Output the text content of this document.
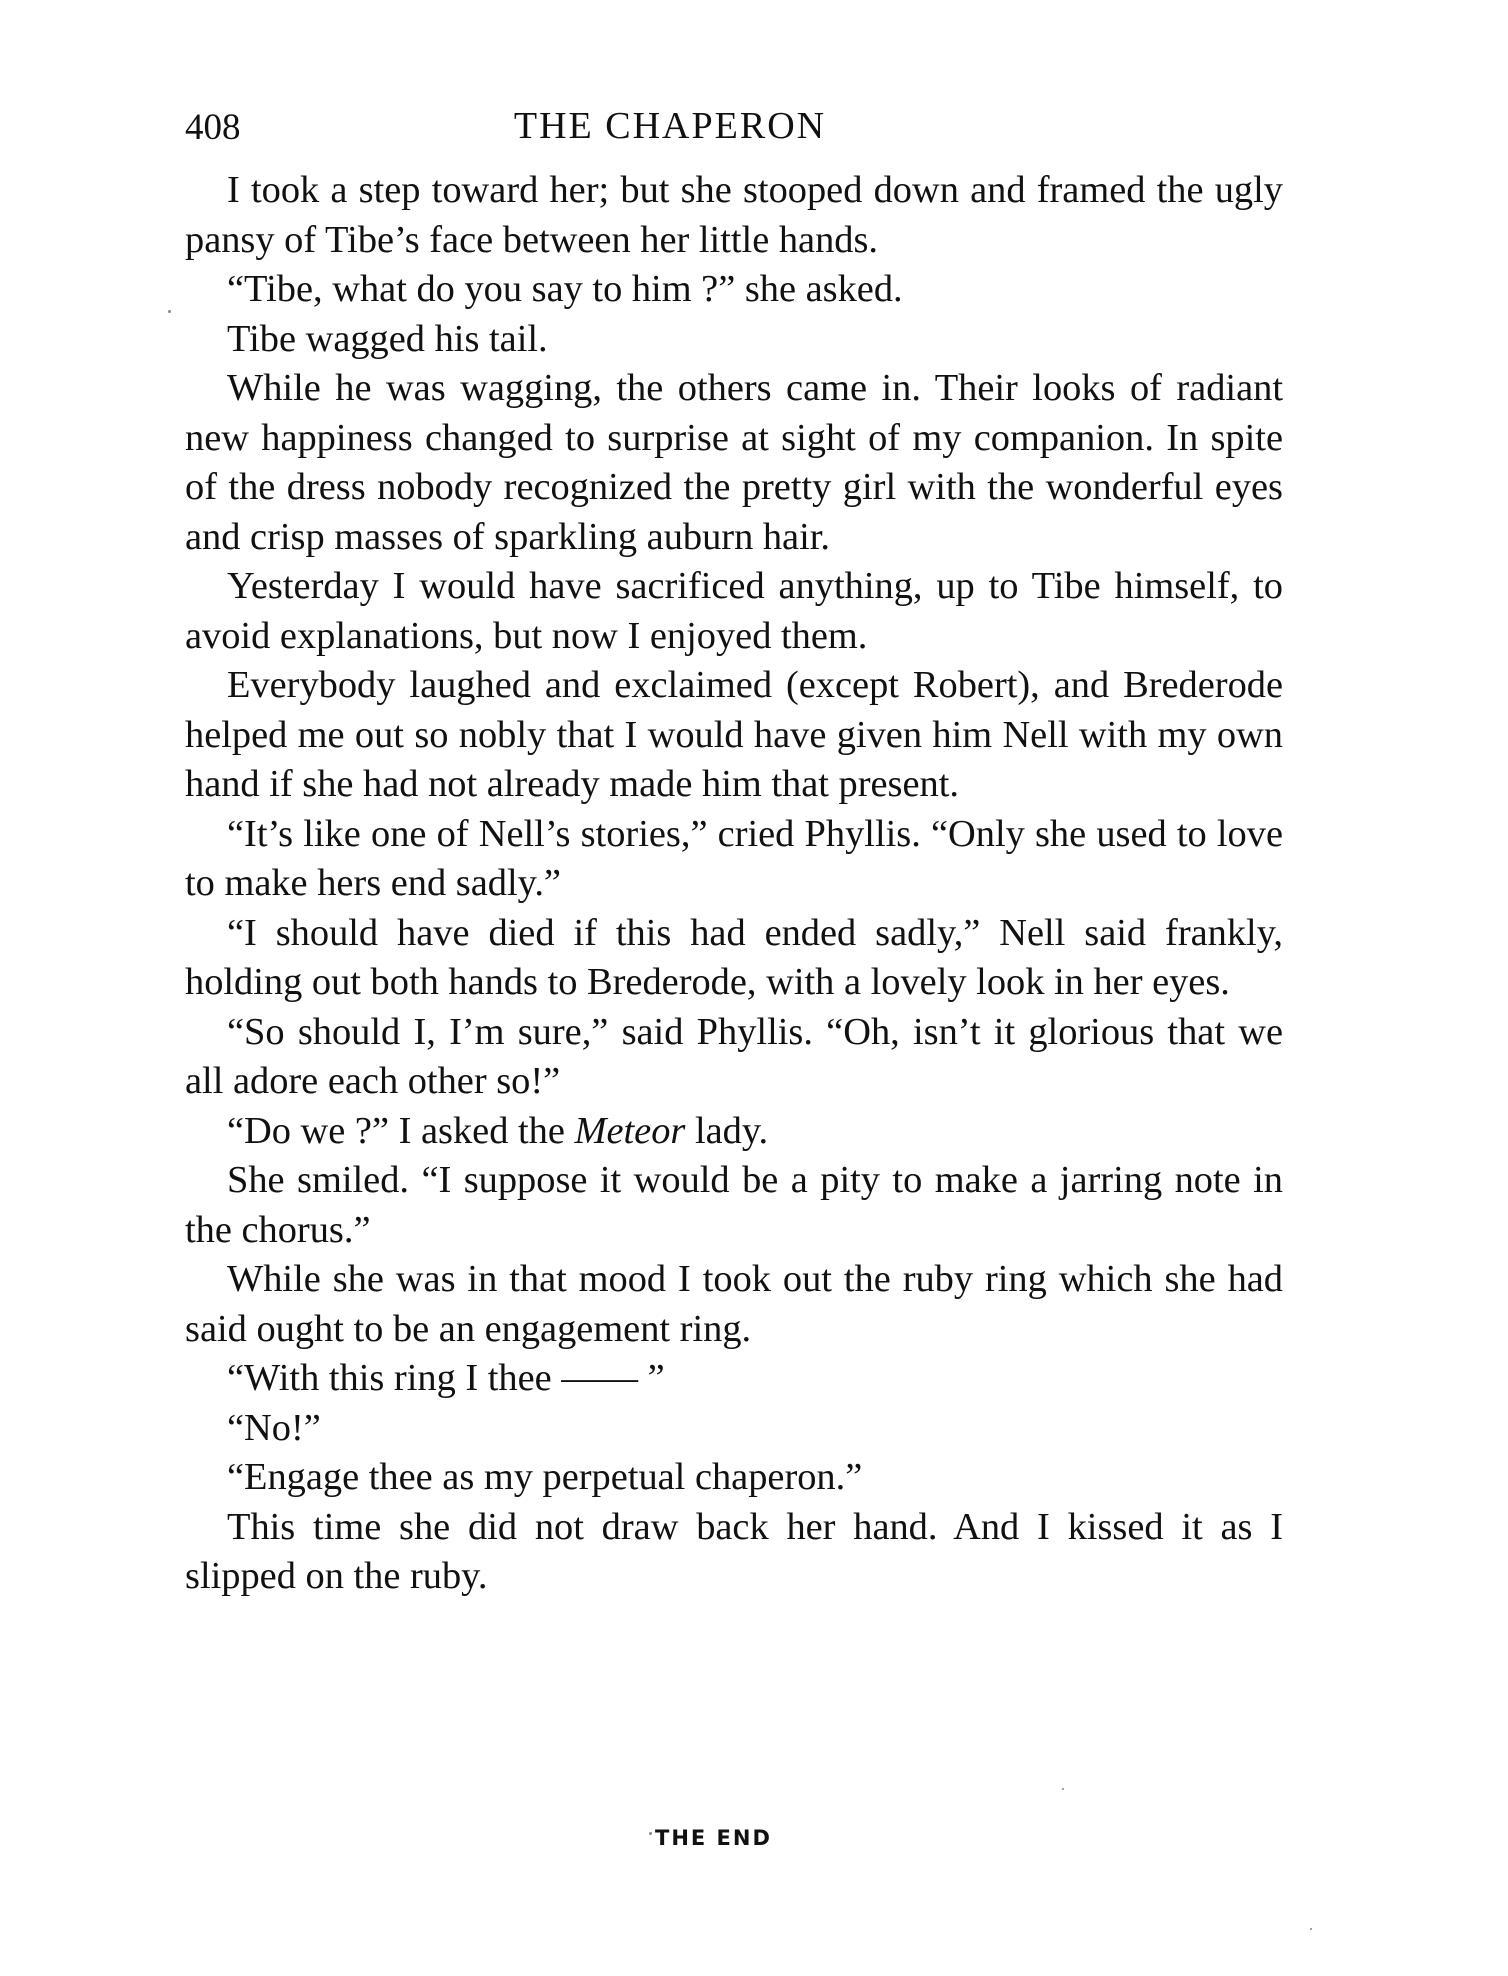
408	THE CHAPERON

I took a step toward her; but she stooped down and framed the ugly pansy of Tibe’s face between her little hands.

“Tibe, what do you say to him ?” she asked.

Tibe wagged his tail.

While he was wagging, the others came in. Their looks of radiant new happiness changed to surprise at sight of my companion. In spite of the dress nobody recognized the pretty girl with the wonderful eyes and crisp masses of sparkling auburn hair.

Yesterday I would have sacrificed anything, up to Tibe himself, to avoid explanations, but now I enjoyed them.

Everybody laughed and exclaimed (except Robert), and Brederode helped me out so nobly that I would have given him Nell with my own hand if she had not already made him that present.

“It’s like one of Nell’s stories,” cried Phyllis. “Only she used to love to make hers end sadly.”

“I should have died if this had ended sadly,” Nell said frankly, holding out both hands to Brederode, with a lovely look in her eyes.

“So should I, I’m sure,” said Phyllis. “Oh, isn’t it glorious that we all adore each other so!”

“Do we ?” I asked the Meteor lady.

She smiled. “I suppose it would be a pity to make a jarring note in the chorus.”

While she was in that mood I took out the ruby ring which she had said ought to be an engagement ring.

“With this ring I thee —— ”

“No!”

“Engage thee as my perpetual chaperon.”

This time she did not draw back her hand. And I kissed it as I slipped on the ruby.

THE END
